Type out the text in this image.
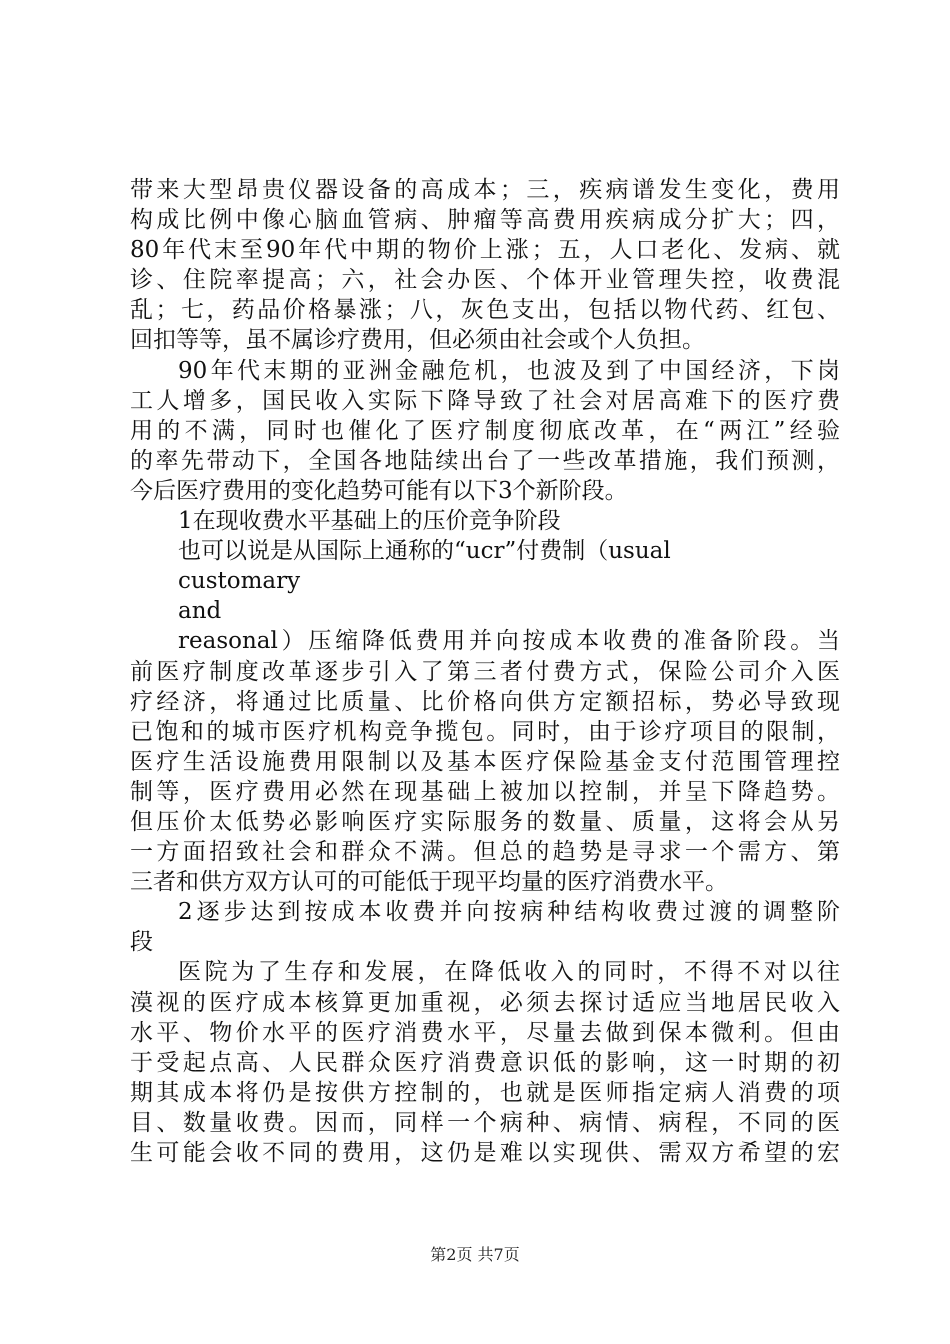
带来大型昂贵仪器设备的高成本；三，疾病谱发生变化，费用
构成比例中像心脑血管病、肿瘤等高费用疾病成分扩大；四，
80年代末至90年代中期的物价上涨；五，人口老化、发病、就
诊、住院率提高；六，社会办医、个体开业管理失控，收费混
乱；七，药品价格暴涨；八，灰色支出，包括以物代药、红包、
回扣等等，虽不属诊疗费用，但必须由社会或个人负担。
90年代末期的亚洲金融危机，也波及到了中国经济，下岗
工人增多，国民收入实际下降导致了社会对居高难下的医疗费
用的不满，同时也催化了医疗制度彻底改革，在“两江”经验
的率先带动下，全国各地陆续出台了一些改革措施，我们预测，
今后医疗费用的变化趋势可能有以下3个新阶段。
1在现收费水平基础上的压价竞争阶段
也可以说是从国际上通称的“ucr”付费制（usual
customary
and
reasonal）压缩降低费用并向按成本收费的准备阶段。当
前医疗制度改革逐步引入了第三者付费方式，保险公司介入医
疗经济，将通过比质量、比价格向供方定额招标，势必导致现
已饱和的城市医疗机构竞争揽包。同时，由于诊疗项目的限制，
医疗生活设施费用限制以及基本医疗保险基金支付范围管理控
制等，医疗费用必然在现基础上被加以控制，并呈下降趋势。
但压价太低势必影响医疗实际服务的数量、质量，这将会从另
一方面招致社会和群众不满。但总的趋势是寻求一个需方、第
三者和供方双方认可的可能低于现平均量的医疗消费水平。
2逐步达到按成本收费并向按病种结构收费过渡的调整阶
段
医院为了生存和发展，在降低收入的同时，不得不对以往
漠视的医疗成本核算更加重视，必须去探讨适应当地居民收入
水平、物价水平的医疗消费水平，尽量去做到保本微利。但由
于受起点高、人民群众医疗消费意识低的影响，这一时期的初
期其成本将仍是按供方控制的，也就是医师指定病人消费的项
目、数量收费。因而，同样一个病种、病情、病程，不同的医
生可能会收不同的费用，这仍是难以实现供、需双方希望的宏
第2页 共7页
